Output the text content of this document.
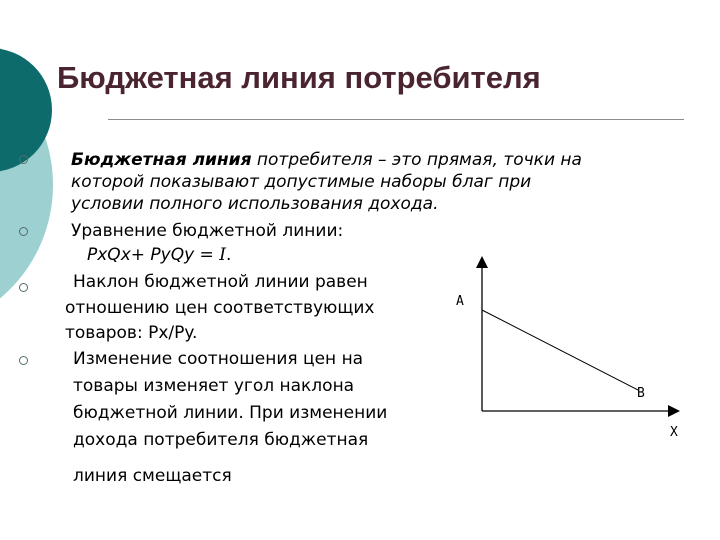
Бюджетная линия потребителя
Бюджетная линия потребителя – это прямая, точки на
которой показывают допустимые наборы благ при
условии полного использования дохода.
Уравнение бюджетной линии:
PxQx+ PyQy = I.
Наклон бюджетной линии равен
отношению цен соответствующих
товаров: Px/Py.
Изменение соотношения цен на
товары изменяет угол наклона
бюджетной линии. При изменении
дохода потребителя бюджетная
линия смещается
A
B
X
